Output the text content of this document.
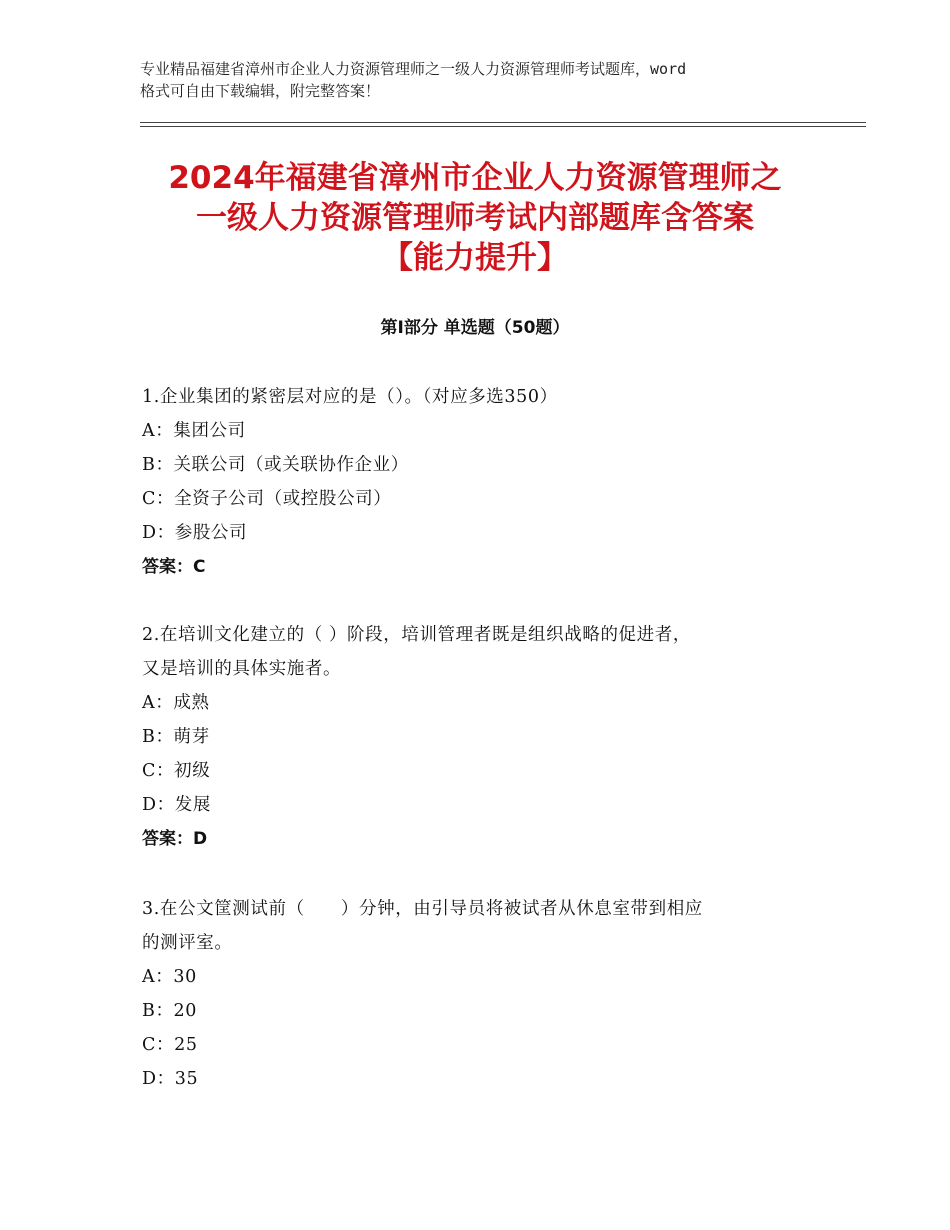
专业精品福建省漳州市企业人力资源管理师之一级人力资源管理师考试题库，word
格式可自由下载编辑，附完整答案！
2024年福建省漳州市企业人力资源管理师之
一级人力资源管理师考试内部题库含答案
【能力提升】
第Ⅰ部分 单选题（50题）
1.企业集团的紧密层对应的是（）。（对应多选350）
A：集团公司
B：关联公司（或关联协作企业）
C：全资子公司（或控股公司）
D：参股公司
答案：C
2.在培训文化建立的（ ）阶段，培训管理者既是组织战略的促进者，
又是培训的具体实施者。
A：成熟
B：萌芽
C：初级
D：发展
答案：D
3.在公文筐测试前（　　）分钟，由引导员将被试者从休息室带到相应
的测评室。
A：30
B：20
C：25
D：35
